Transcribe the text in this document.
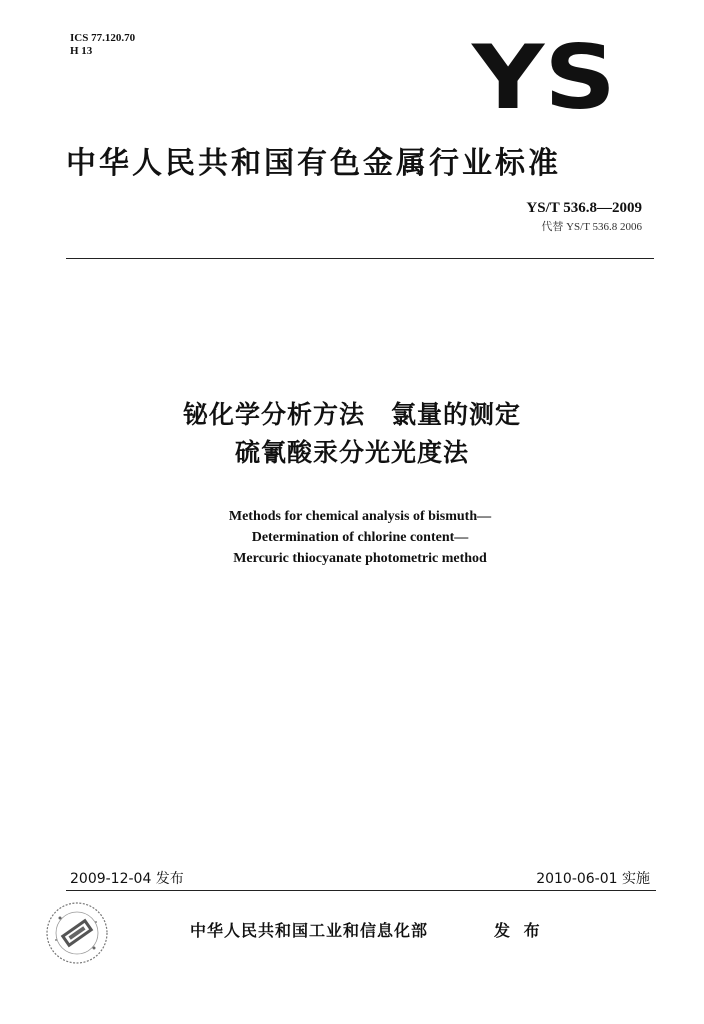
ICS 77.120.70
H 13	YS
中华人民共和国有色金属行业标准
YS/T 536.8—2009
代替 YS/T 536.8 2006
铋化学分析方法　氯量的测定
硫氰酸汞分光光度法
Methods for chemical analysis of bismuth—
Determination of chlorine content—
Mercuric thiocyanate photometric method
2009-12-04 发布	2010-06-01 实施
中华人民共和国工业和信息化部	发 布
